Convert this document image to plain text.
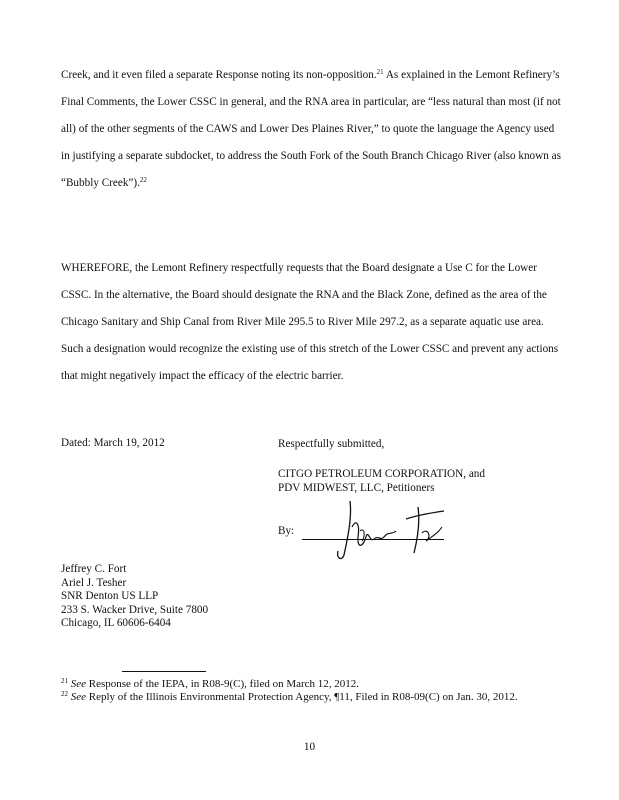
Creek, and it even filed a separate Response noting its non-opposition.$^{21}$ As explained in the Lemont Refinery’s Final Comments, the Lower CSSC in general, and the RNA area in particular, are “less natural than most (if not all) of the other segments of the CAWS and Lower Des Plaines River,” to quote the language the Agency used in justifying a separate subdocket, to address the South Fork of the South Branch Chicago River (also known as “Bubbly Creek”).$^{22}$

WHEREFORE, the Lemont Refinery respectfully requests that the Board designate a Use C for the Lower CSSC. In the alternative, the Board should designate the RNA and the Black Zone, defined as the area of the Chicago Sanitary and Ship Canal from River Mile 295.5 to River Mile 297.2, as a separate aquatic use area. Such a designation would recognize the existing use of this stretch of the Lower CSSC and prevent any actions that might negatively impact the efficacy of the electric barrier.

Dated: March 19, 2012	Respectfully submitted,
CITGO PETROLEUM CORPORATION, and
PDV MIDWEST, LLC, Petitioners
By:
Jeffrey C. Fort
Ariel J. Tesher
SNR Denton US LLP
233 S. Wacker Drive, Suite 7800
Chicago, IL 60606-6404
$^{21}$ See Response of the IEPA, in R08-9(C), filed on March 12, 2012.
$^{22}$ See Reply of the Illinois Environmental Protection Agency, ¶11, Filed in R08-09(C) on Jan. 30, 2012.
10
